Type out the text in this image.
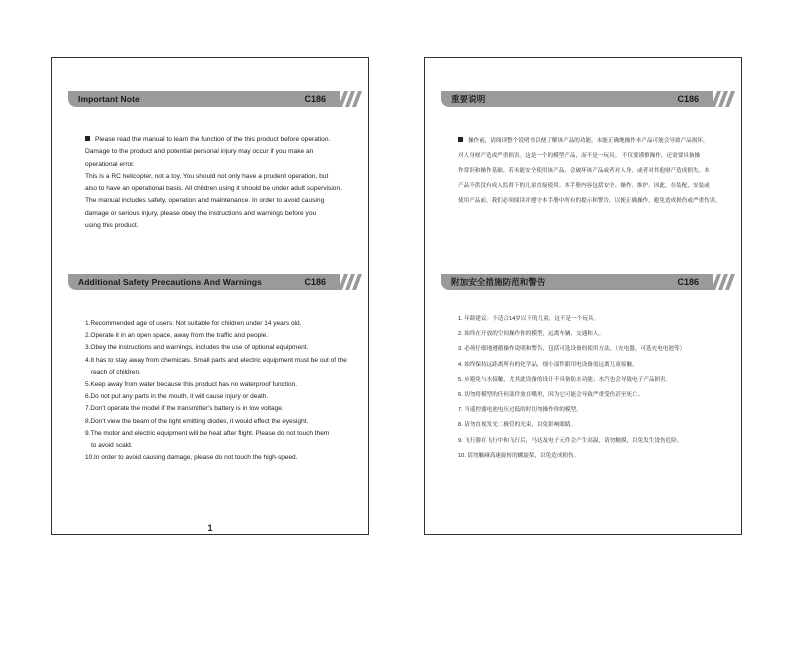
Important Note	C186

Please read the manual to learn the function of the this product before operation.

Damage to the product and potential personal injury may occur if you make an

operational error.

This is a RC helicopter, not a toy. You should not only have a prudent operation, but

also to have an operational basis. All children using it should be under adult supervision.

The manual includes safety, operation and maintenance. In order to avoid causing

damage or serious injury, please obey the instructions and warnings before you

using this product.

Additional Safety Precautions And Warnings	C186
1.Recommended age of users: Not suitable for children under 14 years old.
2.Operate it in an open space, away from the traffic and people.
3.Obey the instructions and warnings, includes the use of optional equipment.
4.It has to stay away from chemicals. Small parts and electric equipment must be out of the
reach of children.
5.Keep away from water because this product has no waterproof function.
6.Do not put any parts in the mouth, it will cause injury or death.
7.Don't operate the model if the transmitter's battery is in low voltage.
8.Don't view the beam of the light emitting diodes, it would effect the eyesight.
9.The motor and electric equipment will be heat after flight. Please do not touch them
to avoid scald.
10.In order to avoid causing damage, please do not touch the high-speed.
1
重要说明	C186

操作前，请阅读整个说明书以便了解该产品的功能。未能正确地操作本产品可能会导致产品损坏，

对人身财产造成严重损害。这是一个的模型产品，而不是一玩具。 不仅要谨慎操作，还需要具备操

作常识和操作基础。若未能安全使用该产品，会破坏该产品或者对人身，或者对其他财产造成损失。本

产品不供没有成人监督下的儿童直接使用。本手册内容包括安全、操作、维护、因此，在装配，安装或

使用产品前。我们必须阅读并遵守本手册中所有的提示和警告，以便正确操作，避免造成损伤或严重伤害。

附加安全措施防范和警告	C186
1. 年龄建议：不适合14岁以下的儿童，这不是一个玩具。
2. 始终在开放的空间操作你的模型，远离车辆、交通和人。
3. 必须仔细地遵循操作说明和警告，包括可选设备的使用方法。（充电器，可选充电电池等）
4. 始终保持远距离所有的化学品，细小部件跟用电设备需远离儿童接触。
5. 应避免与水接触，尤其此设备的设计不具备防水功能；水汽也会导致电子产品损害。
6. 切勿将模型的任何部件放在嘴里，因为它可能会导致严重受伤甚至死亡。
7. 当遥控器电池电压过低的时切勿操作你的模型。
8. 请勿直视发光二极管的光束，以免影响眼睛。
9. 飞行器在飞行中和飞行后，马达及电子元件会产生高温，请勿触摸，以免发生烫伤危险。
10. 请勿触碰高速旋转的螺旋桨，以免造成损伤。
